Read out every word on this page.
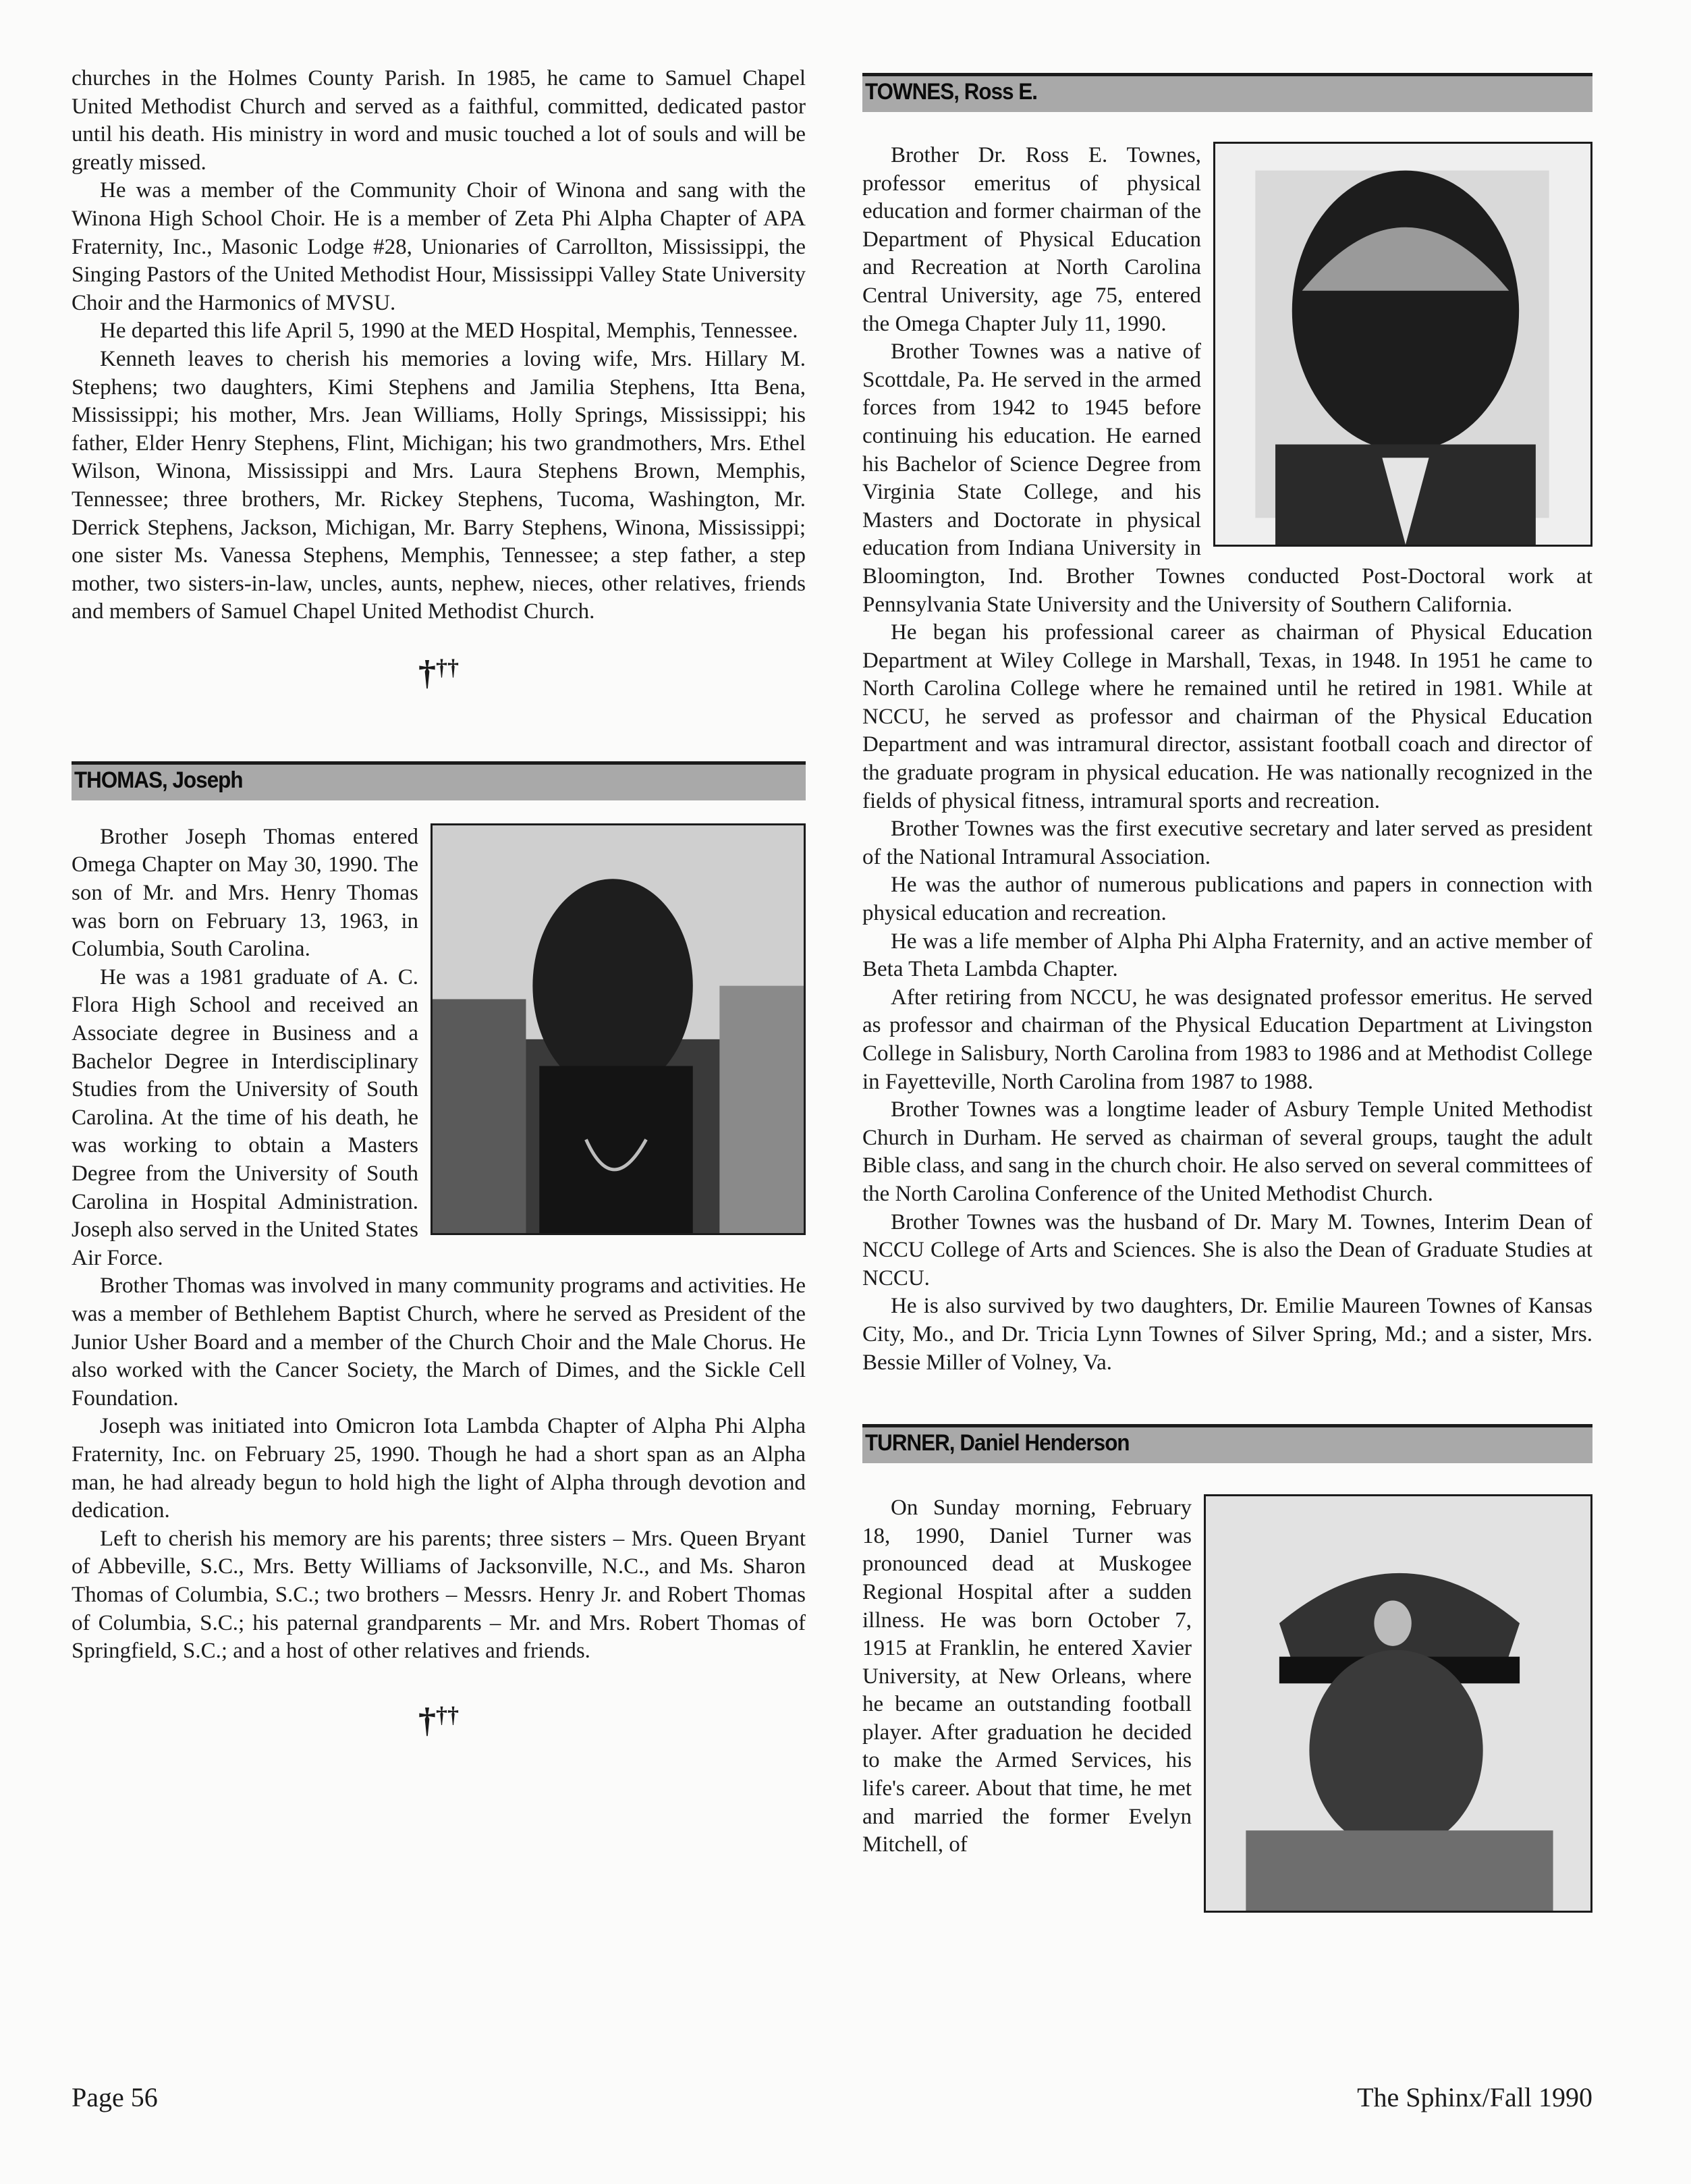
churches in the Holmes County Parish. In 1985, he came to Samuel Chapel United Methodist Church and served as a faithful, committed, dedicated pastor until his death. His ministry in word and music touched a lot of souls and will be greatly missed.

He was a member of the Community Choir of Winona and sang with the Winona High School Choir. He is a member of Zeta Phi Alpha Chapter of APA Fraternity, Inc., Masonic Lodge #28, Unionaries of Carrollton, Mississippi, the Singing Pastors of the United Methodist Hour, Mississippi Valley State University Choir and the Harmonics of MVSU.

He departed this life April 5, 1990 at the MED Hospital, Memphis, Tennessee.

Kenneth leaves to cherish his memories a loving wife, Mrs. Hillary M. Stephens; two daughters, Kimi Stephens and Jamilia Stephens, Itta Bena, Mississippi; his mother, Mrs. Jean Williams, Holly Springs, Mississippi; his father, Elder Henry Stephens, Flint, Michigan; his two grandmothers, Mrs. Ethel Wilson, Winona, Mississippi and Mrs. Laura Stephens Brown, Memphis, Tennessee; three brothers, Mr. Rickey Stephens, Tucoma, Washington, Mr. Derrick Stephens, Jackson, Michigan, Mr. Barry Stephens, Winona, Mississippi; one sister Ms. Vanessa Stephens, Memphis, Tennessee; a step father, a step mother, two sisters-in-law, uncles, aunts, nephew, nieces, other relatives, friends and members of Samuel Chapel United Methodist Church.

†††
THOMAS, Joseph

Brother Joseph Thomas entered Omega Chapter on May 30, 1990. The son of Mr. and Mrs. Henry Thomas was born on February 13, 1963, in Columbia, South Carolina.

He was a 1981 graduate of A. C. Flora High School and received an Associate degree in Business and a Bachelor Degree in Interdisciplinary Studies from the University of South Carolina. At the time of his death, he was working to obtain a Masters Degree from the University of South Carolina in Hospital Administration. Joseph also served in the United States Air Force.

Brother Thomas was involved in many community programs and activities. He was a member of Bethlehem Baptist Church, where he served as President of the Junior Usher Board and a member of the Church Choir and the Male Chorus. He also worked with the Cancer Society, the March of Dimes, and the Sickle Cell Foundation.

Joseph was initiated into Omicron Iota Lambda Chapter of Alpha Phi Alpha Fraternity, Inc. on February 25, 1990. Though he had a short span as an Alpha man, he had already begun to hold high the light of Alpha through devotion and dedication.

Left to cherish his memory are his parents; three sisters – Mrs. Queen Bryant of Abbeville, S.C., Mrs. Betty Williams of Jacksonville, N.C., and Ms. Sharon Thomas of Columbia, S.C.; two brothers – Messrs. Henry Jr. and Robert Thomas of Columbia, S.C.; his paternal grandparents – Mr. and Mrs. Robert Thomas of Springfield, S.C.; and a host of other relatives and friends.

†††
TOWNES, Ross E.

Brother Dr. Ross E. Townes, professor emeritus of physical education and former chairman of the Department of Physical Education and Recreation at North Carolina Central University, age 75, entered the Omega Chapter July 11, 1990.

Brother Townes was a native of Scottdale, Pa. He served in the armed forces from 1942 to 1945 before continuing his education. He earned his Bachelor of Science Degree from Virginia State College, and his Masters and Doctorate in physical education from Indiana University in Bloomington, Ind. Brother Townes conducted Post-Doctoral work at Pennsylvania State University and the University of Southern California.

He began his professional career as chairman of Physical Education Department at Wiley College in Marshall, Texas, in 1948. In 1951 he came to North Carolina College where he remained until he retired in 1981. While at NCCU, he served as professor and chairman of the Physical Education Department and was intramural director, assistant football coach and director of the graduate program in physical education. He was nationally recognized in the fields of physical fitness, intramural sports and recreation.

Brother Townes was the first executive secretary and later served as president of the National Intramural Association.

He was the author of numerous publications and papers in connection with physical education and recreation.

He was a life member of Alpha Phi Alpha Fraternity, and an active member of Beta Theta Lambda Chapter.

After retiring from NCCU, he was designated professor emeritus. He served as professor and chairman of the Physical Education Department at Livingston College in Salisbury, North Carolina from 1983 to 1986 and at Methodist College in Fayetteville, North Carolina from 1987 to 1988.

Brother Townes was a longtime leader of Asbury Temple United Methodist Church in Durham. He served as chairman of several groups, taught the adult Bible class, and sang in the church choir. He also served on several committees of the North Carolina Conference of the United Methodist Church.

Brother Townes was the husband of Dr. Mary M. Townes, Interim Dean of NCCU College of Arts and Sciences. She is also the Dean of Graduate Studies at NCCU.

He is also survived by two daughters, Dr. Emilie Maureen Townes of Kansas City, Mo., and Dr. Tricia Lynn Townes of Silver Spring, Md.; and a sister, Mrs. Bessie Miller of Volney, Va.

TURNER, Daniel Henderson

On Sunday morning, February 18, 1990, Daniel Turner was pronounced dead at Muskogee Regional Hospital after a sudden illness. He was born October 7, 1915 at Franklin, he entered Xavier University, at New Orleans, where he became an outstanding football player. After graduation he decided to make the Armed Services, his life's career. About that time, he met and married the former Evelyn Mitchell, of

Page 56	The Sphinx/Fall 1990
